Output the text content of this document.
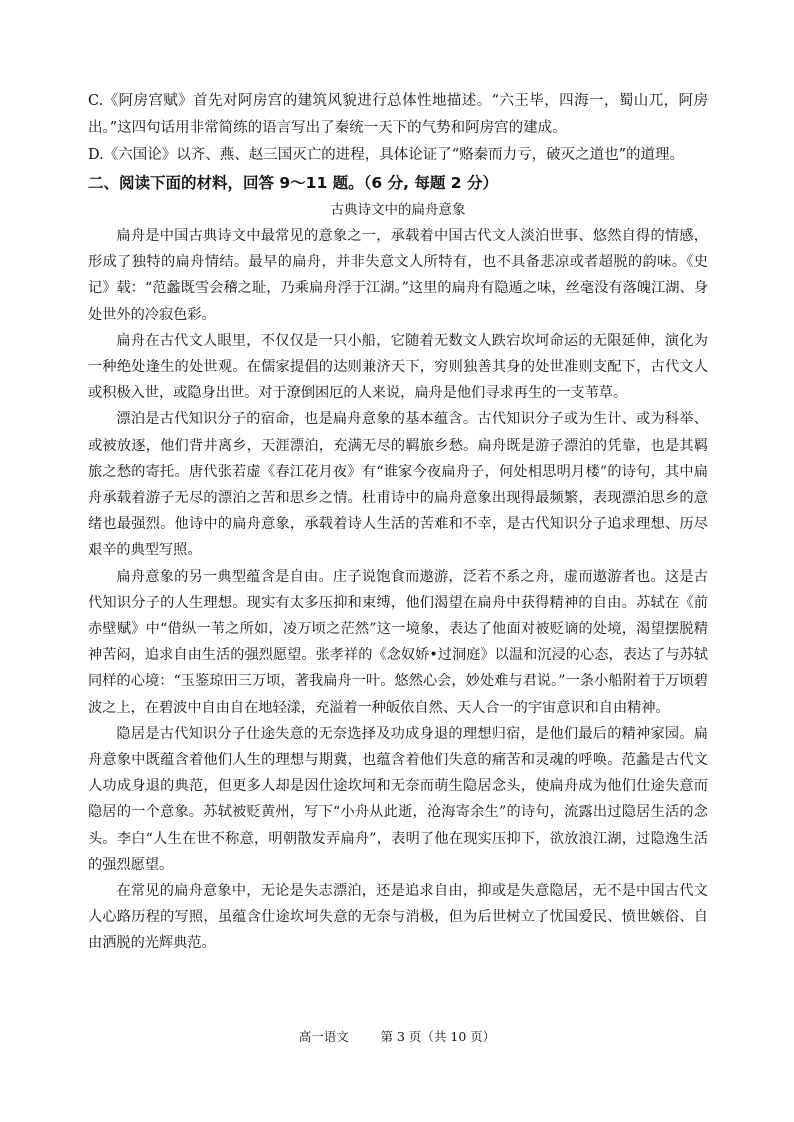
C.《阿房宫赋》首先对阿房宫的建筑风貌进行总体性地描述。“六王毕，四海一，蜀山兀，阿房出。”这四句话用非常简练的语言写出了秦统一天下的气势和阿房宫的建成。

D.《六国论》以齐、燕、赵三国灭亡的进程，具体论证了“赂秦而力亏，破灭之道也”的道理。

二、阅读下面的材料，回答 9～11 题。（6 分, 每题 2 分）

古典诗文中的扁舟意象

扁舟是中国古典诗文中最常见的意象之一，承载着中国古代文人淡泊世事、悠然自得的情感，形成了独特的扁舟情结。最早的扁舟，并非失意文人所特有，也不具备悲凉或者超脱的韵味。《史记》载：“范蠡既雪会稽之耻，乃乘扁舟浮于江湖。”这里的扁舟有隐遁之味，丝毫没有落魄江湖、身处世外的冷寂色彩。

扁舟在古代文人眼里，不仅仅是一只小船，它随着无数文人跌宕坎坷命运的无限延伸，演化为一种绝处逢生的处世观。在儒家提倡的达则兼济天下，穷则独善其身的处世准则支配下，古代文人或积极入世，或隐身出世。对于潦倒困厄的人来说，扁舟是他们寻求再生的一支苇草。

漂泊是古代知识分子的宿命，也是扁舟意象的基本蕴含。古代知识分子或为生计、或为科举、或被放逐，他们背井离乡，天涯漂泊，充满无尽的羁旅乡愁。扁舟既是游子漂泊的凭靠，也是其羁旅之愁的寄托。唐代张若虚《春江花月夜》有“谁家今夜扁舟子，何处相思明月楼”的诗句，其中扁舟承载着游子无尽的漂泊之苦和思乡之情。杜甫诗中的扁舟意象出现得最频繁，表现漂泊思乡的意绪也最强烈。他诗中的扁舟意象，承载着诗人生活的苦难和不幸，是古代知识分子追求理想、历尽艰辛的典型写照。

扁舟意象的另一典型蕴含是自由。庄子说饱食而遨游，泛若不系之舟，虚而遨游者也。这是古代知识分子的人生理想。现实有太多压抑和束缚，他们渴望在扁舟中获得精神的自由。苏轼在《前赤壁赋》中“借纵一苇之所如，凌万顷之茫然”这一境象，表达了他面对被贬谪的处境，渴望摆脱精神苦闷，追求自由生活的强烈愿望。张孝祥的《念奴娇•过洞庭》以温和沉浸的心态，表达了与苏轼同样的心境：“玉鉴琼田三万顷，著我扁舟一叶。悠然心会，妙处难与君说。”一条小船附着于万顷碧波之上，在碧波中自由自在地轻漾，充溢着一种皈依自然、天人合一的宇宙意识和自由精神。

隐居是古代知识分子仕途失意的无奈选择及功成身退的理想归宿，是他们最后的精神家园。扁舟意象中既蕴含着他们人生的理想与期冀，也蕴含着他们失意的痛苦和灵魂的呼唤。范蠡是古代文人功成身退的典范，但更多人却是因仕途坎坷和无奈而萌生隐居念头，使扁舟成为他们仕途失意而隐居的一个意象。苏轼被贬黄州，写下“小舟从此逝，沧海寄余生”的诗句，流露出过隐居生活的念头。李白“人生在世不称意，明朝散发弄扁舟”，表明了他在现实压抑下，欲放浪江湖，过隐逸生活的强烈愿望。

在常见的扁舟意象中，无论是失志漂泊，还是追求自由，抑或是失意隐居，无不是中国古代文人心路历程的写照，虽蕴含仕途坎坷失意的无奈与消极，但为后世树立了忧国爱民、愤世嫉俗、自由洒脱的光辉典范。

高一语文	第 3 页（共 10 页）
